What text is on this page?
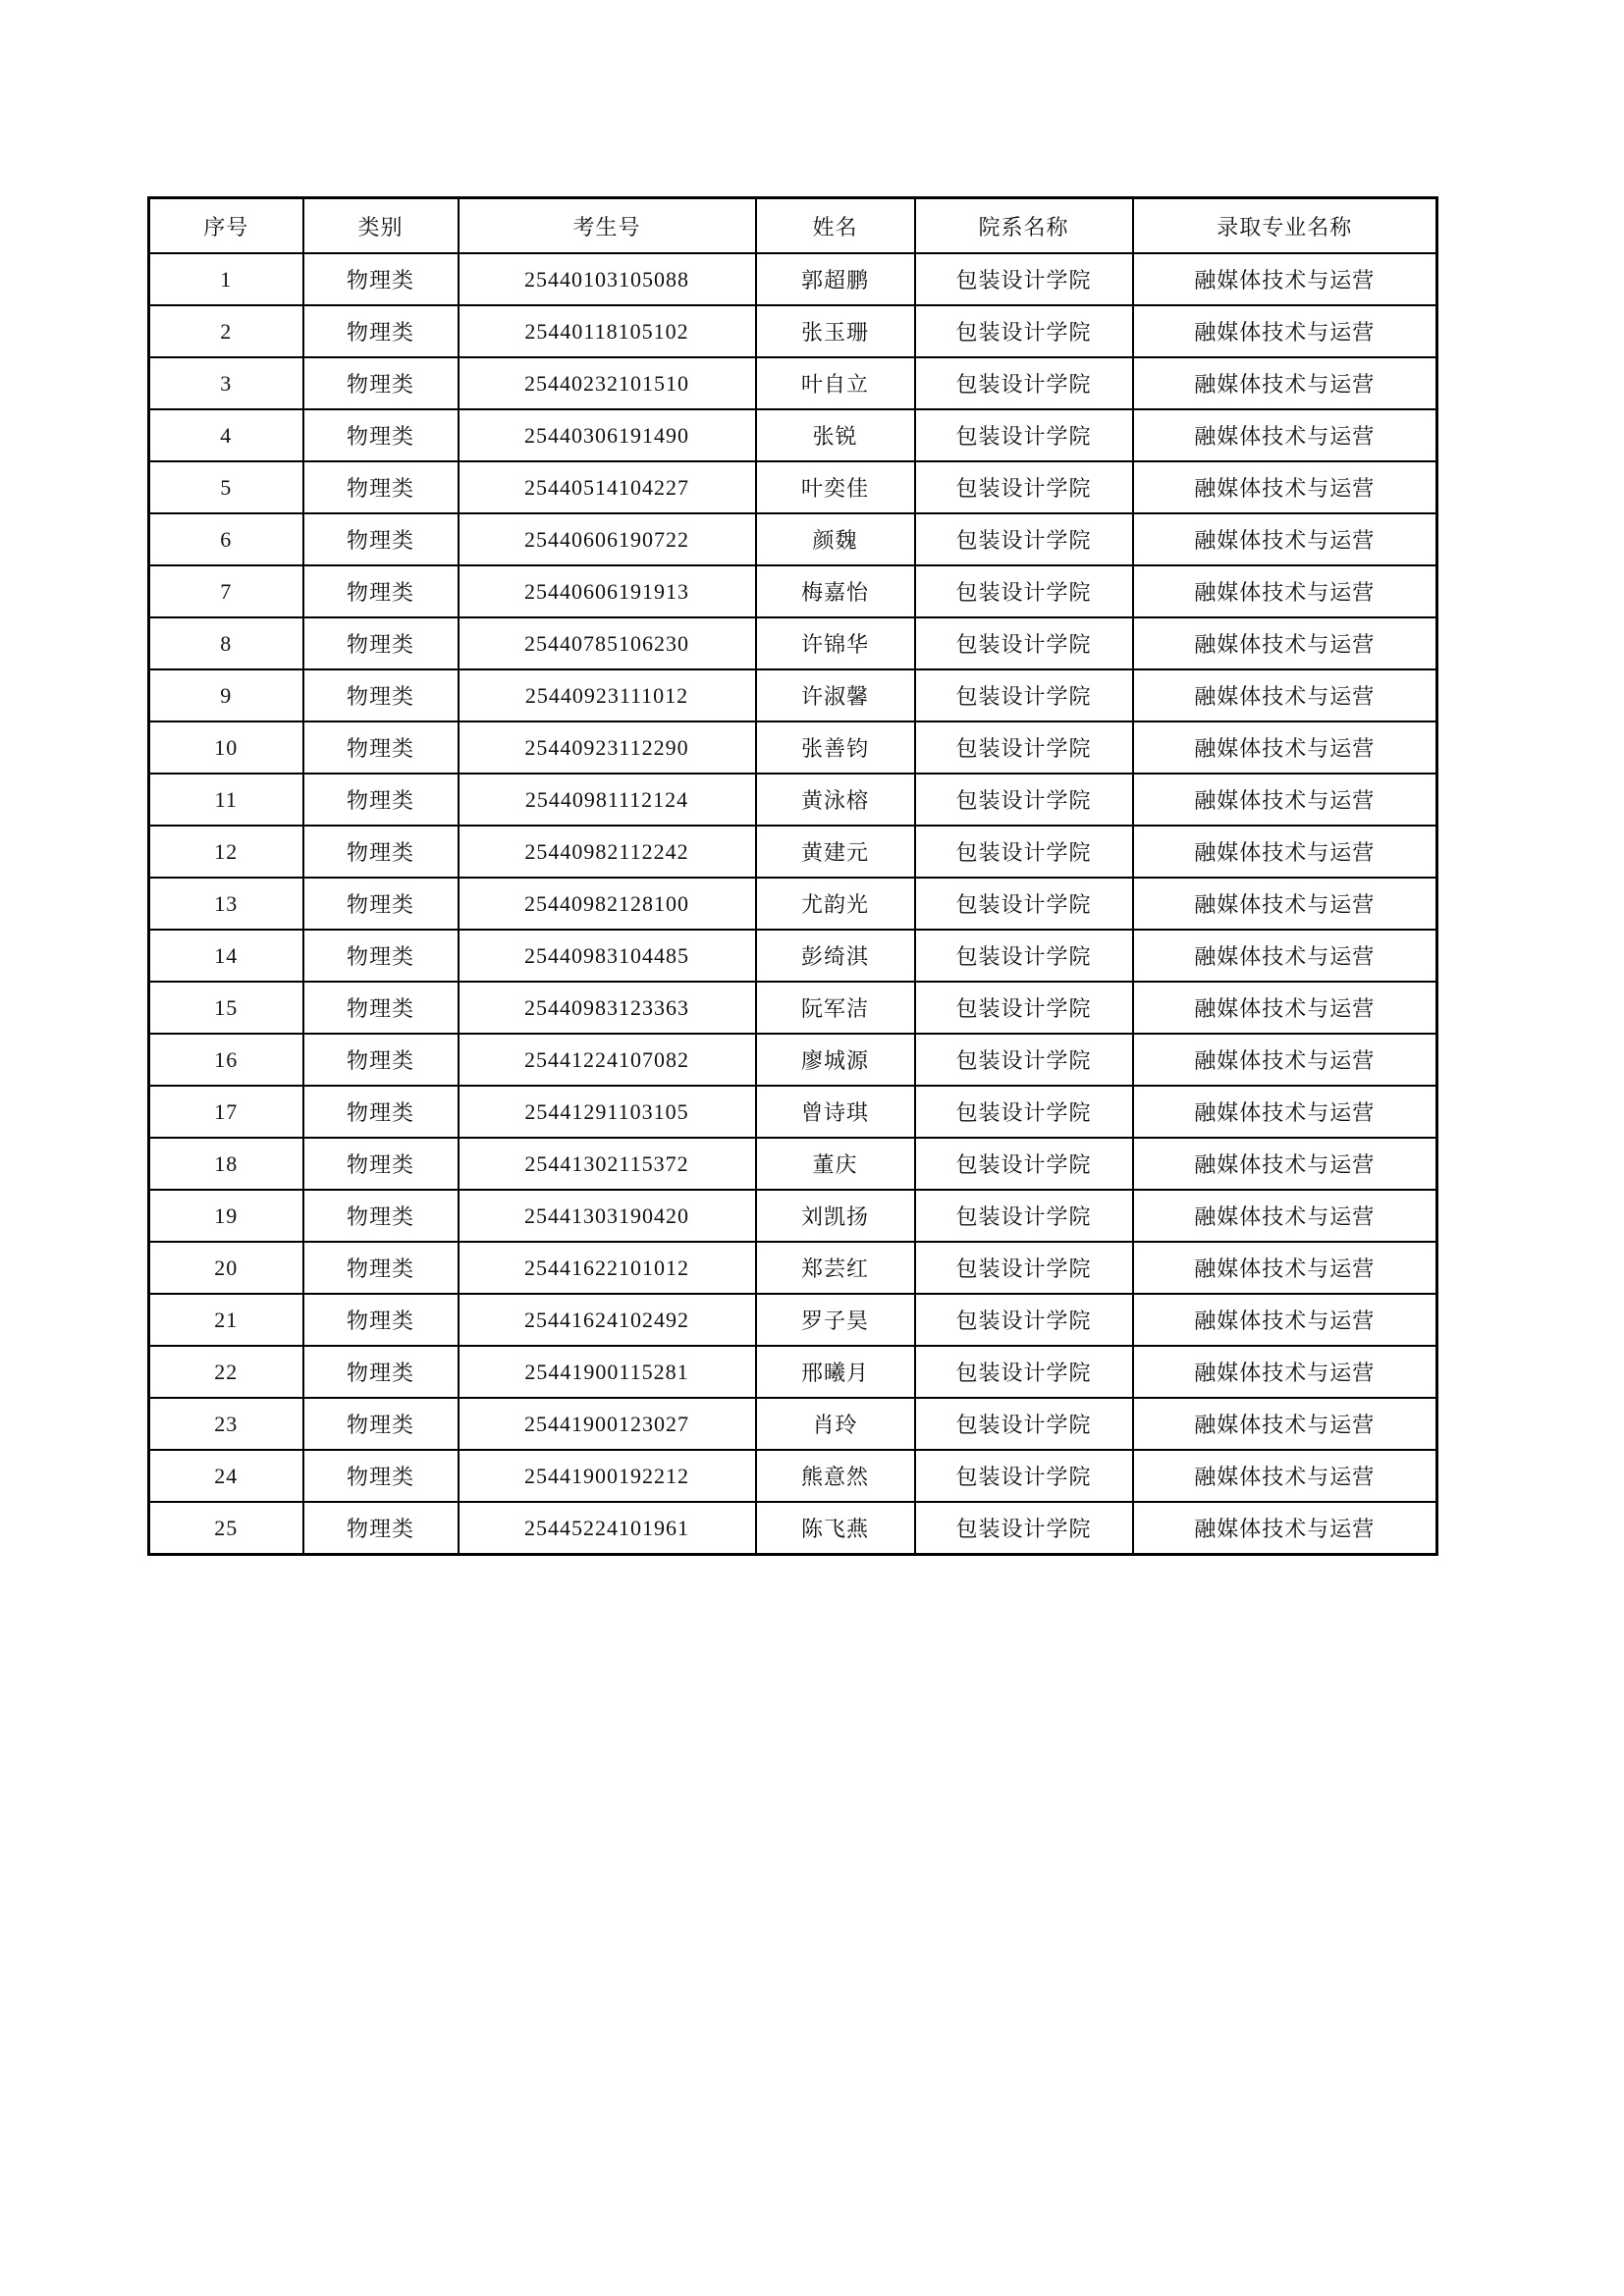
序号	类别	考生号	姓名	院系名称	录取专业名称
1	物理类	25440103105088	郭超鹏	包装设计学院	融媒体技术与运营
2	物理类	25440118105102	张玉珊	包装设计学院	融媒体技术与运营
3	物理类	25440232101510	叶自立	包装设计学院	融媒体技术与运营
4	物理类	25440306191490	张锐	包装设计学院	融媒体技术与运营
5	物理类	25440514104227	叶奕佳	包装设计学院	融媒体技术与运营
6	物理类	25440606190722	颜魏	包装设计学院	融媒体技术与运营
7	物理类	25440606191913	梅嘉怡	包装设计学院	融媒体技术与运营
8	物理类	25440785106230	许锦华	包装设计学院	融媒体技术与运营
9	物理类	25440923111012	许淑馨	包装设计学院	融媒体技术与运营
10	物理类	25440923112290	张善钧	包装设计学院	融媒体技术与运营
11	物理类	25440981112124	黄泳榕	包装设计学院	融媒体技术与运营
12	物理类	25440982112242	黄建元	包装设计学院	融媒体技术与运营
13	物理类	25440982128100	尤韵光	包装设计学院	融媒体技术与运营
14	物理类	25440983104485	彭绮淇	包装设计学院	融媒体技术与运营
15	物理类	25440983123363	阮军洁	包装设计学院	融媒体技术与运营
16	物理类	25441224107082	廖城源	包装设计学院	融媒体技术与运营
17	物理类	25441291103105	曾诗琪	包装设计学院	融媒体技术与运营
18	物理类	25441302115372	董庆	包装设计学院	融媒体技术与运营
19	物理类	25441303190420	刘凯扬	包装设计学院	融媒体技术与运营
20	物理类	25441622101012	郑芸红	包装设计学院	融媒体技术与运营
21	物理类	25441624102492	罗子昊	包装设计学院	融媒体技术与运营
22	物理类	25441900115281	邢曦月	包装设计学院	融媒体技术与运营
23	物理类	25441900123027	肖玲	包装设计学院	融媒体技术与运营
24	物理类	25441900192212	熊意然	包装设计学院	融媒体技术与运营
25	物理类	25445224101961	陈飞燕	包装设计学院	融媒体技术与运营
